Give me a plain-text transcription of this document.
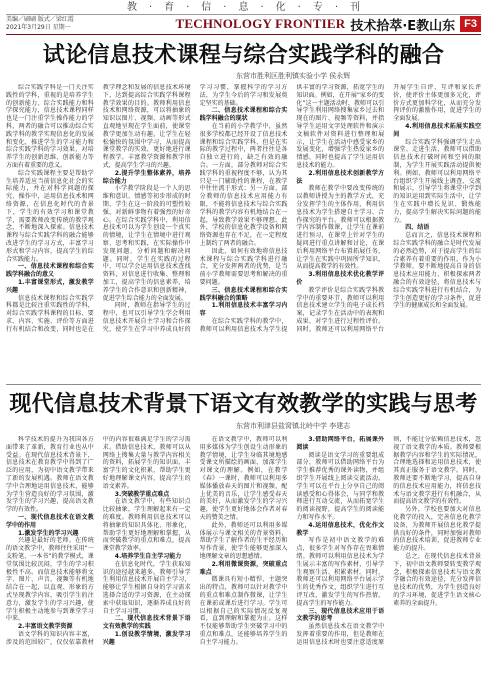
教·育·信·息·化·专·刊
美编／刷刷 版式／梁红霞
2021年3月29日 星期一	TECHNOLOGY FRONTIER 技术拾萃·E教山东 F3
试论信息技术课程与综合实践学科的融合
东营市胜利区胜利镇实验小学 侯永辉

综合实践学科是一门关注实践性的学科，重视的是培养学生的创新能力、综合实践能力和科学探究能力，信息技术课程同样也是一门注重学生操作能力的学科，两者的融合可以推动综合实践学科的教学实现信息化的发展和变化，推进学生的学习能力和综合实践学科的学习效果，对培养学生的创新思维、创新能力等方面有着重要的意义。

综合实践课程主要是帮助学生培养适应当前信息化社会的实际能力，并在对科学问题的探究、操作中，运用信息技术和网络资源，在信息化时代的背景下，学生的有效学习和课堂教学，需要教师改变传统的教学观念，不断地深入探索。信息技术课程与综合实践学科的融合能够改进学生的学习方式，丰富学习形式和学习内容，提高学生的综合实践能力。

一、信息技术课程和综合实践学科融合的意义

1.丰富课堂形式，激发教学兴趣

信息技术课程和综合实践学科都是比较注重实践性的学科，对综合实践学科课程的目标、要求、内容、实施、评价等方面进行有机结合和改变，同时也是在教学理念和发展的信息技术环境下，达到提高综合实践学科课程教学效果的目的。教师利用信息技术和网络资源，可以将抽象的知识以图片、视频、动画等形式直观地呈现在学生面前，使课堂教学更加生动有趣，让学生在轻松愉快的氛围中学习，从而提高课堂教学的实效，更好地进行课程教学。丰富教学资源和教学形式，提高学生学习的兴趣。

2.提升学生整体素养，培养综合能力

小学教学阶段是一个人的思维和意识、情感等初步形成的时期，学生在这一阶段的可塑性较强，对新鲜事物有着强烈的好奇心。在综合实践学科中，利用信息技术可以为学生创设一个真实的情境，让学生在情境中进行观察、思考和实践，在实际操作中发现问题、分析问题和解决问题。同时，学生在实践的过程中，可以学会运用信息技术查找资料，对信息进行收集、整理和加工，提高学生的信息素养，培养学生的合作意识和创新精神，促进学生综合能力的全面发展。

同时，教师在指导学生的过程中，也可以引导学生学会利用信息技术开展自主学习和合作探究，使学生在学习中养成良好的学习习惯，掌握科学的学习方法，为学生今后的学习和发展奠定坚实的基础。

二、信息技术课程和综合实践学科融合的现状

在当前的小学教学中，虽然很多学校都已经开设了信息技术课程和综合实践学科，但是在实际的教学过程中，两者往往是各自独立进行的，缺乏有效的融合。一方面，部分教师对综合实践学科的重视程度不够，认为其只是一门辅助性的课程，在教学中往往流于形式；另一方面，部分教师的信息技术应用能力有限，不能将信息技术与综合实践学科的教学内容有机地结合在一起，导致教学效果不够理想。此外，学校的信息化教学设备和网络资源也存在不足，在一定程度上制约了两者的融合。

因此，如何有效地将信息技术课程与综合实践学科进行融合，充分发挥两者的优势，是当前小学教师需要思考和解决的重要问题。

三、信息技术课程和综合实践学科融合的策略

1.利用信息技术丰富学习内容

在综合实践学科的教学中，教师可以利用信息技术为学生提供丰富的学习资源，拓宽学生的知识面。例如，在开展“家乡的变化”这一主题活动时，教师可以引导学生利用网络搜集家乡过去和现在的图片、视频等资料，并指导学生运用文字处理软件和演示文稿软件对资料进行整理和展示，让学生在活动中感受家乡的发展变化，增强学生热爱家乡的情感，同时也提高了学生运用信息技术的能力。

2.利用信息技术创新教学方法

教师在教学中要改变传统的以教师讲授为主的教学方式，充分发挥学生的主体作用，利用信息技术为学生搭建自主学习、合作探究的平台。教师可以根据教学内容制作微课，让学生在课前进行预习，在课堂上针对学生的疑问进行重点讲解和讨论，在课后利用网络平台布置拓展任务，让学生在实践中巩固所学知识，从而提高教学的有效性。

3.利用信息技术优化教学评价

教学评价是综合实践学科教学中的重要环节，教师可以利用信息技术建立学生的电子成长档案，记录学生在活动中的表现和成果，对学生进行过程性评价。同时，教师还可以利用网络平台开展学生自评、互评和家长评价，使评价主体更加多元化，评价方式更加科学化，从而充分发挥评价的激励作用，促进学生的全面发展。

4.利用信息技术拓展实践空间

综合实践学科强调学生走出课堂、走进生活，教师可以借助信息技术打破时间和空间的限制，为学生开展实践活动提供便利。例如，教师可以利用网络平台组织学生开展线上调查、交流和展示，引导学生将课堂中学到的知识运用到实际生活中，让学生在实践中增长见识、锻炼能力，提高学生解决实际问题的能力。

四、结语

总而言之，信息技术课程和综合实践学科的融合是时代发展的必然趋势，对于提高学生的综合素养有着重要的作用。作为小学教师，要不断地提高自身的信息技术应用能力，积极探索两者融合的有效途径，将信息技术与综合实践学科进行有机结合，为学生创造更好的学习条件，促进学生的健康成长和全面发展。

现代信息技术背景下语文有效教学的实践与思考
东营市利津县盐窝镇北岭中学 李建志

科学技术的提升为我国各方面带来了革新，教育行业也从中受益。在现代信息技术背景下，信息技术在教育教学中得到了广泛的应用，为初中语文教学带来了新的发展机遇。教师在语文教学中合理地运用信息技术，能够为学生营造良好的学习氛围，激发学生的学习兴趣，提高语文教学的有效性。

一、现代信息技术在语文教学中的作用

1.激发学生的学习兴趣

兴趣是最好的老师。在传统的语文教学中，教师往往采用“一支粉笔、一本书”的教学模式，课堂氛围比较沉闷，学生的学习积极性不高。而信息技术能够将文字、图片、声音、视频等有机地结合在一起，以直观、形象的方式呈现教学内容，吸引学生的注意力，激发学生的学习兴趣，使学生积极主动地参与到课堂学习中来。

2.丰富语文教学资源

语文学科的知识内容丰富，涉及的范围较广，仅仅依靠教材中的内容很难满足学生的学习需求。借助信息技术，教师可以从网络上搜集大量与教学内容相关的资料，拓展学生的知识面，丰富学生的文化积累，帮助学生更好地理解课文内容，提高学生的语文素养。

3.突破教学重点难点

在语文教学中，有些知识点比较抽象，学生理解起来有一定的难度。教师利用信息技术可以将抽象的知识具体化、形象化，帮助学生更好地理解和掌握，从而突破教学的重点和难点，提高课堂教学效率。

4.培养学生自主学习能力

在信息化时代，学生获取知识的途径越来越多。教师引导学生利用信息技术开展自主学习，能够让学生根据自身的学习需求选择合适的学习资源，在主动探索中获取知识，逐渐养成良好的自主学习习惯。

二、现代信息技术背景下语文有效教学的实践

1.创设教学情境，激发学习兴趣

在语文教学中，教师可以利用多媒体为学生创设生动形象的教学情境，让学生身临其境地感受课文所描绘的画面，加深学生对课文的理解。例如，在教学《春》一课时，教师可以利用多媒体播放春天的图片和视频，配上优美的音乐，让学生感受春天的美好，从而激发学生的学习兴趣，使学生更好地体会作者对春天的赞美之情。

此外，教师还可以利用多媒体展示与课文相关的背景资料，帮助学生了解作者的生平经历和写作背景，使学生能够更加深入地理解文章的思想感情。

2.利用微课资源，突破重点难点

微课具有短小精悍、主题突出的特点，教师可以针对教学中的重点和难点制作微课，让学生在课前或课后进行学习。学生可以根据自己的实际情况反复观看，直到理解和掌握为止。这样不仅能够帮助学生突破学习中的重点和难点，还能够培养学生的自主学习能力。

3.借助网络平台，拓展课外阅读

阅读是语文学习的重要组成部分，教师可以借助网络平台为学生推荐优秀的课外读物，并组织学生开展线上阅读交流活动。学生可以在平台上分享自己的阅读感受和心得体会，与同学和教师进行互动交流，从而拓宽学生的阅读视野，提高学生的阅读能力和写作水平。

4.运用信息技术，优化作文教学

写作是初中语文教学的难点，很多学生对写作存在畏难情绪。教师可以利用信息技术为学生展示丰富的写作素材，引导学生观察生活、积累素材。同时，教师还可以利用网络平台展示学生的优秀作文，组织学生进行互评互改，激发学生的写作热情，提高学生的写作能力。

三、现代信息技术应用于语文教学的思考

虽然信息技术在语文教学中发挥着重要的作用，但是教师在运用信息技术时也要注意适度原则，不能过分依赖信息技术，忽视了语文教学的本质。教师要根据教学内容和学生的实际情况，合理地选择和运用信息技术，使其真正服务于语文教学。同时，教师还要不断地学习，提高自身的信息技术应用能力，将信息技术与语文教学进行有机融合，从而提高语文教学的有效性。

另外，学校也要加大对信息化教学的投入，完善信息化教学设备，为教师开展信息化教学提供良好的条件，同时加强对教师的信息技术培训，促进教师专业能力的提升。

总之，在现代信息技术背景下，初中语文教师要转变教学观念，积极探索信息技术与语文教学融合的有效途径，充分发挥信息技术的优势，为学生创造良好的学习环境，促进学生语文核心素养的全面提升。
